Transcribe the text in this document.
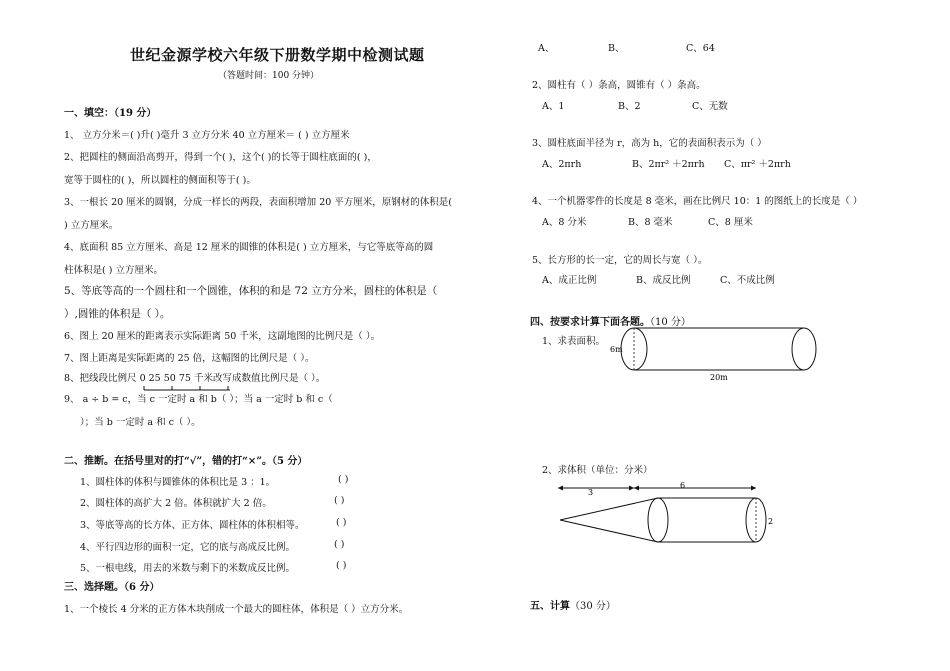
世纪金源学校六年级下册数学期中检测试题
（答题时间：100 分钟）
一、填空：（19 分）
1、 立方分米＝( )升( )毫升 3 立方分米 40 立方厘米＝ ( ) 立方厘米
2、把圆柱的侧面沿高剪开，得到一个( )，这个( )的长等于圆柱底面的( )，
宽等于圆柱的( )，所以圆柱的侧面积等于( )。
3、一根长 20 厘米的圆钢，分成一样长的两段，表面积增加 20 平方厘米，原钢材的体积是(
) 立方厘米。
4、底面积 85 立方厘米、高是 12 厘米的圆锥的体积是( ) 立方厘米，与它等底等高的圆
柱体积是( ) 立方厘米。
5、等底等高的一个圆柱和一个圆锥，体积的和是 72 立方分米，圆柱的体积是（
）,圆锥的体积是（ ）。
6、图上 20 厘米的距离表示实际距离 50 千米，这副地图的比例尺是（ ）。
7、图上距离是实际距离的 25 倍，这幅图的比例尺是（ ）。
8、把线段比例尺 0 25 50 75 千米改写成数值比例尺是（ ）。
9、 a ÷ b = c，当 c 一定时 a 和 b（ ）；当 a 一定时 b 和 c（
）；当 b 一定时 a 和 c（ ）。
二、推断。在括号里对的打“√”，错的打“×”。（5 分）
1、圆柱体的体积与圆锥体的体积比是 3 ：1。	( )
2、圆柱体的高扩大 2 倍。体积就扩大 2 倍。	( )
3、等底等高的长方体、正方体、圆柱体的体积相等。	( )
4、平行四边形的面积一定，它的底与高成反比例。	( )
5、一根电线，用去的米数与剩下的米数成反比例。	( )
三、选择题。（6 分）
1、一个棱长 4 分米的正方体木块削成一个最大的圆柱体，体积是（ ）立方分米。
A、	B、	C、64
2、圆柱有（ ）条高，圆锥有（ ）条高。
A、1	B、2	C、无数
3、圆柱底面半径为 r，高为 h，它的表面积表示为（ ）
A、2πrh	B、2πr² ＋2πrh C、πr² ＋2πrh
4、一个机器零件的长度是 8 毫米，画在比例尺 10：1 的图纸上的长度是（ ）
A、8 分米	B、8 毫米	C、8 厘米
5、长方形的长一定，它的周长与宽（ ）。
A、成正比例	B、成反比例	C、不成比例
四、按要求计算下面各题。（10 分）
1、求表面积。
6m
20m
2、求体积（单位：分米）
3
6
2
五、计算（30 分）
